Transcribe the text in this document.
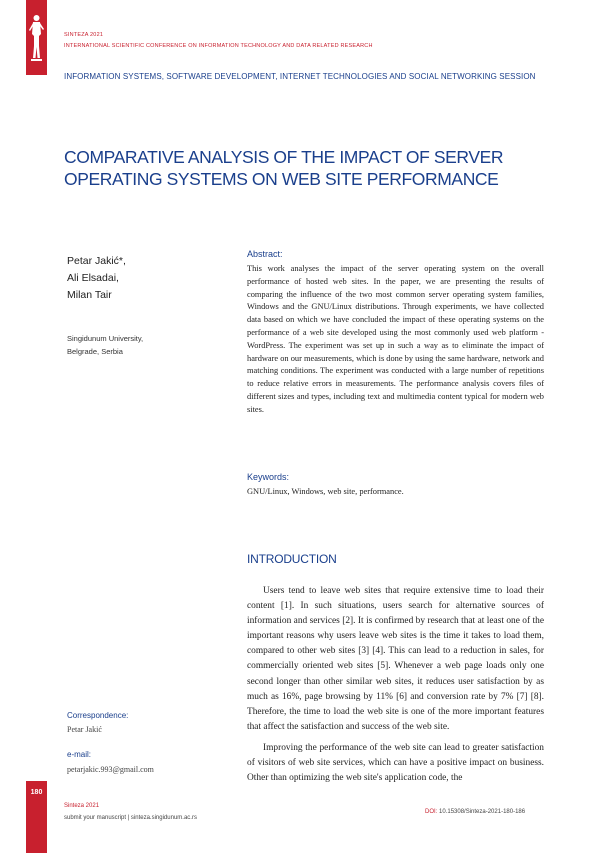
SINTEZA 2021
INTERNATIONAL SCIENTIFIC CONFERENCE ON INFORMATION TECHNOLOGY AND DATA RELATED RESEARCH
INFORMATION SYSTEMS, SOFTWARE DEVELOPMENT, INTERNET TECHNOLOGIES AND SOCIAL NETWORKING SESSION
COMPARATIVE ANALYSIS OF THE IMPACT OF SERVER OPERATING SYSTEMS ON WEB SITE PERFORMANCE
Petar Jakić*,
Ali Elsadai,
Milan Tair
Singidunum University,
Belgrade, Serbia
Abstract:
This work analyses the impact of the server operating system on the overall performance of hosted web sites. In the paper, we are presenting the results of comparing the influence of the two most common server operating system families, Windows and the GNU/Linux distributions. Through experiments, we have collected data based on which we have concluded the impact of these operating systems on the performance of a web site developed using the most commonly used web platform - WordPress. The experiment was set up in such a way as to eliminate the impact of hardware on our measurements, which is done by using the same hardware, network and matching conditions. The experiment was conducted with a large number of repetitions to reduce relative errors in measurements. The performance analysis covers files of different sizes and types, including text and multimedia content typical for modern web sites.
Keywords:
GNU/Linux, Windows, web site, performance.
INTRODUCTION

Users tend to leave web sites that require extensive time to load their content [1]. In such situations, users search for alternative sources of information and services [2]. It is confirmed by research that at least one of the important reasons why users leave web sites is the time it takes to load them, compared to other web sites [3] [4]. This can lead to a reduction in sales, for commercially oriented web sites [5]. Whenever a web page loads only one second longer than other similar web sites, it reduces user satisfaction by as much as 16%, page browsing by 11% [6] and conversion rate by 7% [7] [8]. Therefore, the time to load the web site is one of the more important features that affect the satisfaction and success of the web site.

Improving the performance of the web site can lead to greater satisfaction of visitors of web site services, which can have a positive impact on business. Other than optimizing the web site's application code, the

Correspondence:
Petar Jakić
e-mail:
petarjakic.993@gmail.com
180
Sinteza 2021
submit your manuscript | sinteza.singidunum.ac.rs
DOI: 10.15308/Sinteza-2021-180-186
